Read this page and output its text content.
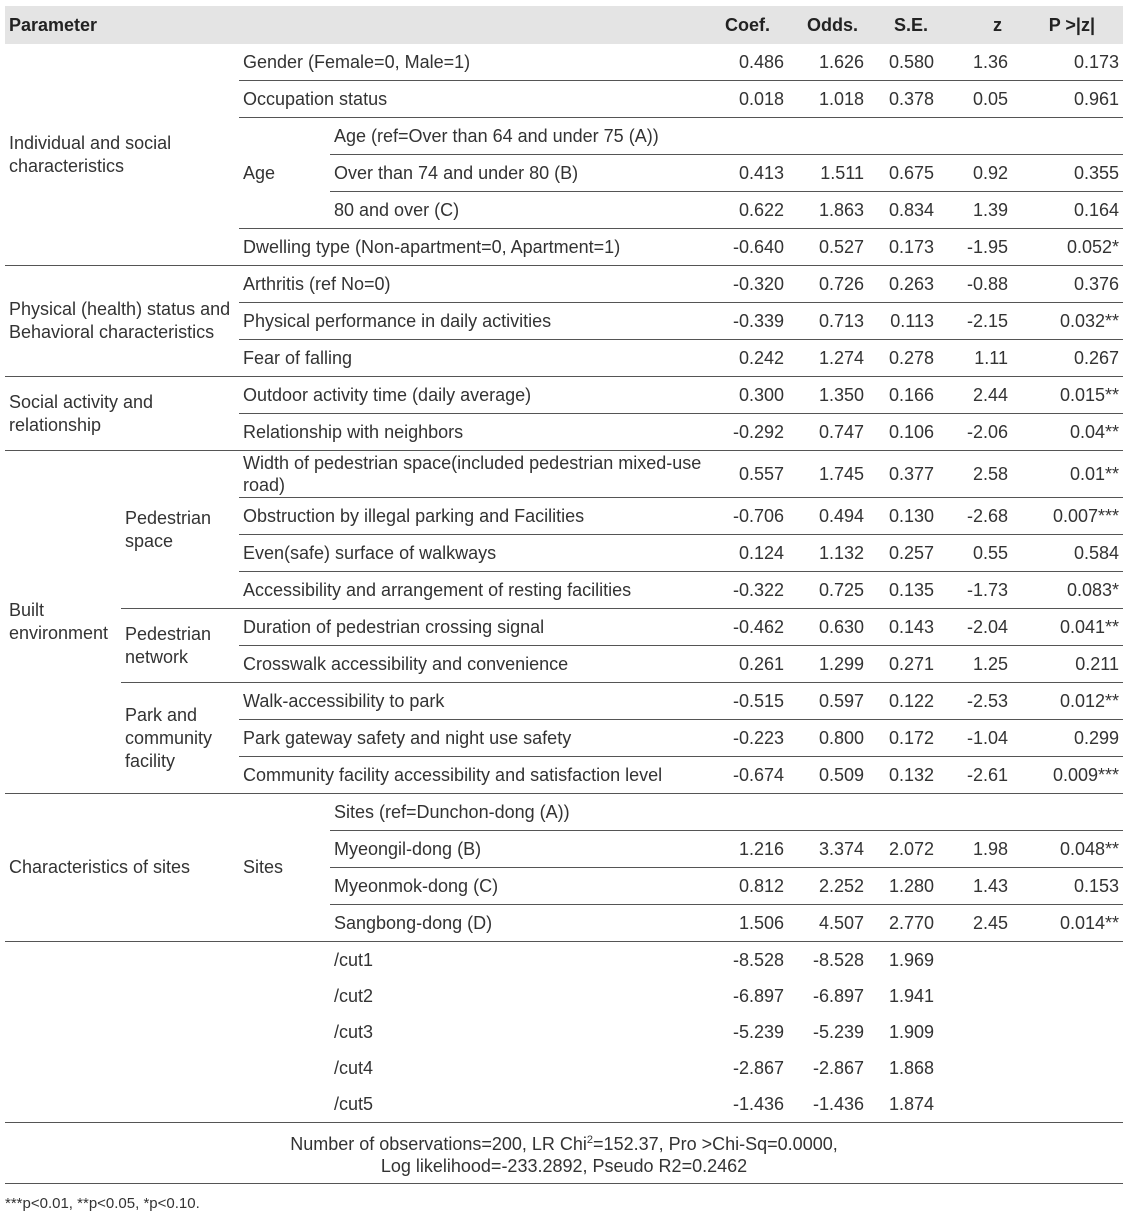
Parameter				Coef.	Odds.	S.E.	z	P >|z|
Individual and social characteristics		Gender (Female=0, Male=1)		0.486	1.626	0.580	1.36	0.173
		Occupation status		0.018	1.018	0.378	0.05	0.961
		Age	Age (ref=Over than 64 and under 75 (A))					
			Over than 74 and under 80 (B)	0.413	1.511	0.675	0.92	0.355
			80 and over (C)	0.622	1.863	0.834	1.39	0.164
		Dwelling type (Non-apartment=0, Apartment=1)		-0.640	0.527	0.173	-1.95	0.052*
Physical (health) status and Behavioral characteristics		Arthritis (ref No=0)		-0.320	0.726	0.263	-0.88	0.376
		Physical performance in daily activities		-0.339	0.713	0.113	-2.15	0.032**
		Fear of falling		0.242	1.274	0.278	1.11	0.267
Social activity and relationship		Outdoor activity time (daily average)		0.300	1.350	0.166	2.44	0.015**
		Relationship with neighbors		-0.292	0.747	0.106	-2.06	0.04**
Built environment	Pedestrian space	Width of pedestrian space(included pedestrian mixed-use road)		0.557	1.745	0.377	2.58	0.01**
		Obstruction by illegal parking and Facilities		-0.706	0.494	0.130	-2.68	0.007***
		Even(safe) surface of walkways		0.124	1.132	0.257	0.55	0.584
		Accessibility and arrangement of resting facilities		-0.322	0.725	0.135	-1.73	0.083*
	Pedestrian network	Duration of pedestrian crossing signal		-0.462	0.630	0.143	-2.04	0.041**
		Crosswalk accessibility and convenience		0.261	1.299	0.271	1.25	0.211
	Park and community facility	Walk-accessibility to park		-0.515	0.597	0.122	-2.53	0.012**
		Park gateway safety and night use safety		-0.223	0.800	0.172	-1.04	0.299
		Community facility accessibility and satisfaction level		-0.674	0.509	0.132	-2.61	0.009***
Characteristics of sites		Sites	Sites (ref=Dunchon-dong (A))					
			Myeongil-dong (B)	1.216	3.374	2.072	1.98	0.048**
			Myeonmok-dong (C)	0.812	2.252	1.280	1.43	0.153
			Sangbong-dong (D)	1.506	4.507	2.770	2.45	0.014**
			/cut1	-8.528	-8.528	1.969		
			/cut2	-6.897	-6.897	1.941		
			/cut3	-5.239	-5.239	1.909		
			/cut4	-2.867	-2.867	1.868		
			/cut5	-1.436	-1.436	1.874		
Number of observations=200, LR Chi$^2$=152.37, Pro >Chi-Sq=0.0000,
Log likelihood=-233.2892, Pseudo R2=0.2462								
***p<0.01, **p<0.05, *p<0.10.
